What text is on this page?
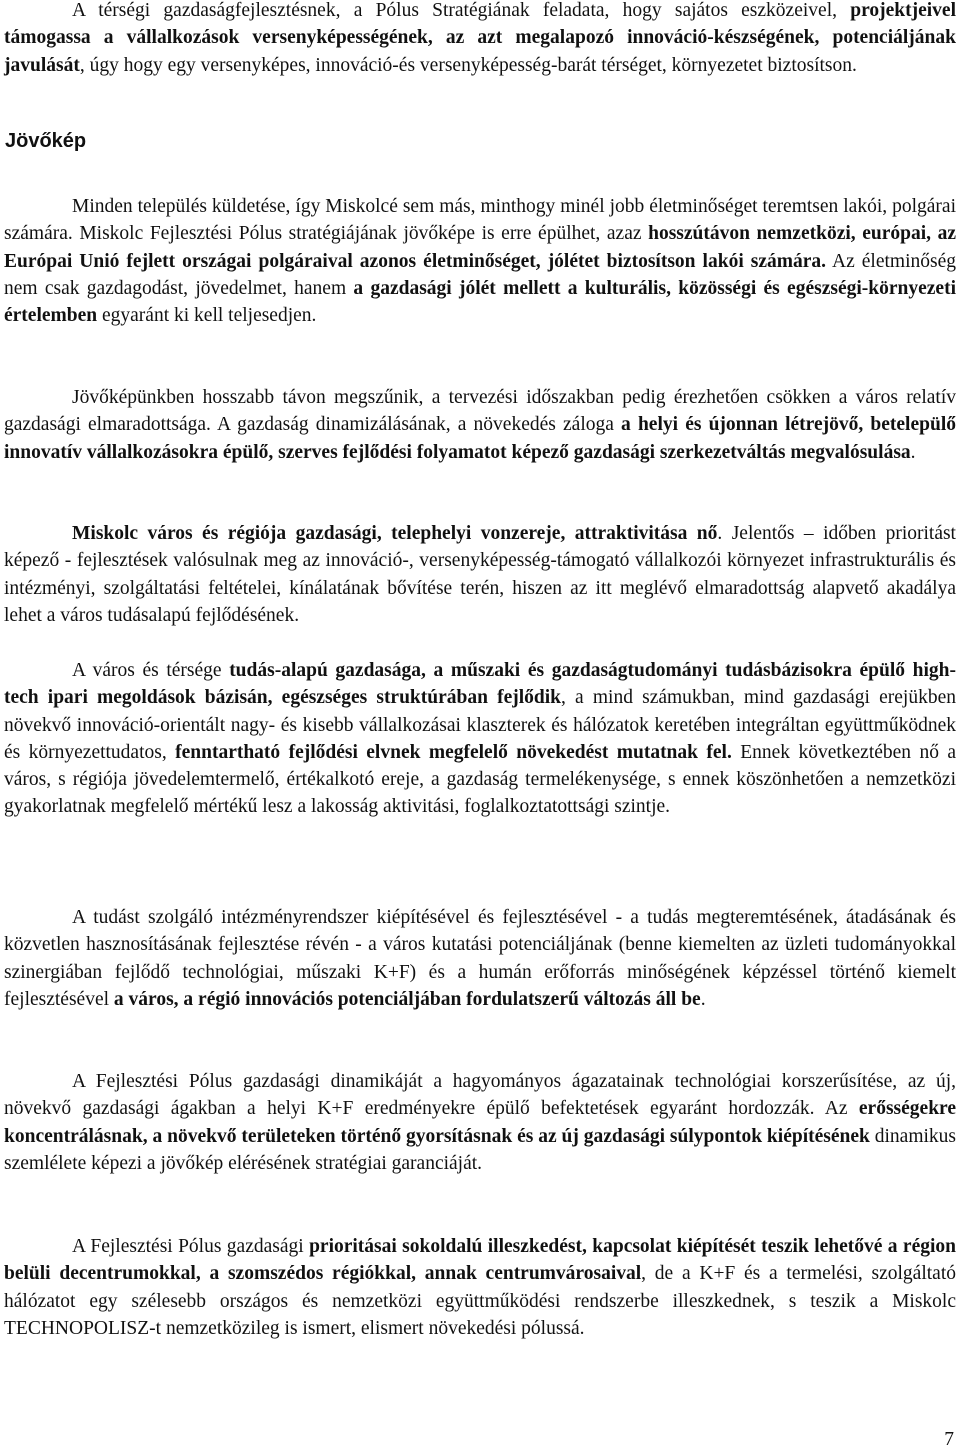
A térségi gazdaságfejlesztésnek, a Pólus Stratégiának feladata, hogy sajátos eszközeivel, projektjeivel támogassa a vállalkozások versenyképességének, az azt megalapozó innováció-készségének, potenciáljának javulását, úgy hogy egy versenyképes, innováció-és versenyképesség-barát térséget, környezetet biztosítson.

Jövőkép

Minden település küldetése, így Miskolcé sem más, minthogy minél jobb életminőséget teremtsen lakói, polgárai számára. Miskolc Fejlesztési Pólus stratégiájának jövőképe is erre épülhet, azaz hosszútávon nemzetközi, európai, az Európai Unió fejlett országai polgáraival azonos életminőséget, jólétet biztosítson lakói számára. Az életminőség nem csak gazdagodást, jövedelmet, hanem a gazdasági jólét mellett a kulturális, közösségi és egészségi-környezeti értelemben egyaránt ki kell teljesedjen.

Jövőképünkben hosszabb távon megszűnik, a tervezési időszakban pedig érezhetően csökken a város relatív gazdasági elmaradottsága. A gazdaság dinamizálásának, a növekedés záloga a helyi és újonnan létrejövő, betelepülő innovatív vállalkozásokra épülő, szerves fejlődési folyamatot képező gazdasági szerkezetváltás megvalósulása.

Miskolc város és régiója gazdasági, telephelyi vonzereje, attraktivitása nő. Jelentős – időben prioritást képező - fejlesztések valósulnak meg az innováció-, versenyképesség-támogató vállalkozói környezet infrastrukturális és intézményi, szolgáltatási feltételei, kínálatának bővítése terén, hiszen az itt meglévő elmaradottság alapvető akadálya lehet a város tudásalapú fejlődésének.

A város és térsége tudás-alapú gazdasága, a műszaki és gazdaságtudományi tudásbázisokra épülő high-tech ipari megoldások bázisán, egészséges struktúrában fejlődik, a mind számukban, mind gazdasági erejükben növekvő innováció-orientált nagy- és kisebb vállalkozásai klaszterek és hálózatok keretében integráltan együttműködnek és környezettudatos, fenntartható fejlődési elvnek megfelelő növekedést mutatnak fel. Ennek következtében nő a város, s régiója jövedelemtermelő, értékalkotó ereje, a gazdaság termelékenysége, s ennek köszönhetően a nemzetközi gyakorlatnak megfelelő mértékű lesz a lakosság aktivitási, foglalkoztatottsági szintje.

A tudást szolgáló intézményrendszer kiépítésével és fejlesztésével - a tudás megteremtésének, átadásának és közvetlen hasznosításának fejlesztése révén - a város kutatási potenciáljának (benne kiemelten az üzleti tudományokkal szinergiában fejlődő technológiai, műszaki K+F) és a humán erőforrás minőségének képzéssel történő kiemelt fejlesztésével a város, a régió innovációs potenciáljában fordulatszerű változás áll be.

A Fejlesztési Pólus gazdasági dinamikáját a hagyományos ágazatainak technológiai korszerűsítése, az új, növekvő gazdasági ágakban a helyi K+F eredményekre épülő befektetések egyaránt hordozzák. Az erősségekre koncentrálásnak, a növekvő területeken történő gyorsításnak és az új gazdasági súlypontok kiépítésének dinamikus szemlélete képezi a jövőkép elérésének stratégiai garanciáját.

A Fejlesztési Pólus gazdasági prioritásai sokoldalú illeszkedést, kapcsolat kiépítését teszik lehetővé a région belüli decentrumokkal, a szomszédos régiókkal, annak centrumvárosaival, de a K+F és a termelési, szolgáltató hálózatot egy szélesebb országos és nemzetközi együttműködési rendszerbe illeszkednek, s teszik a Miskolc TECHNOPOLISZ-t nemzetközileg is ismert, elismert növekedési pólussá.

7
